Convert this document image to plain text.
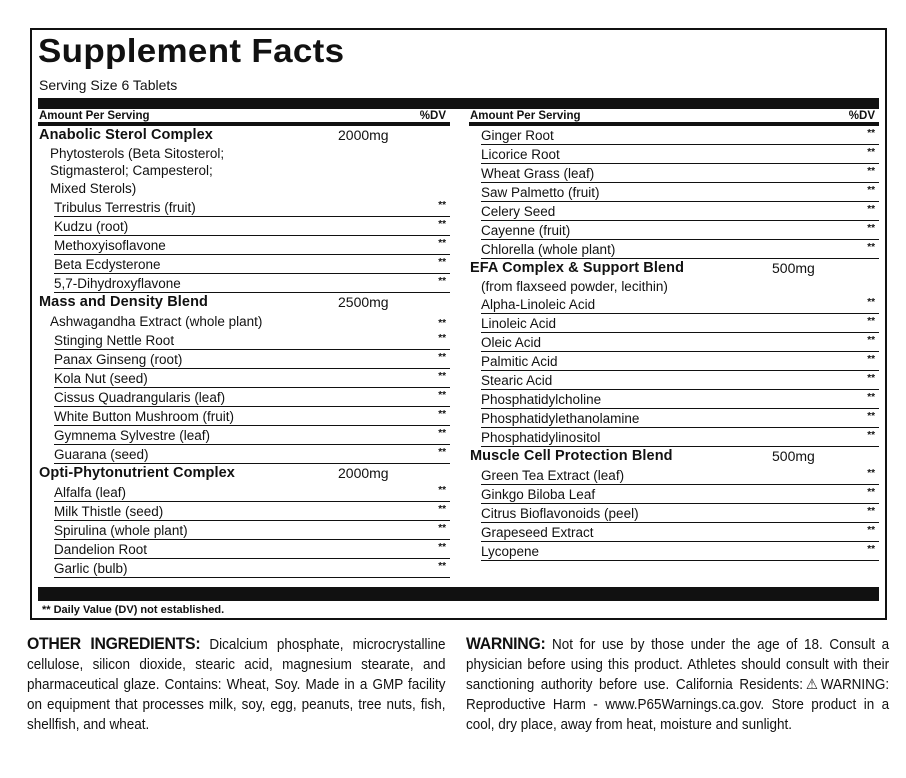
Supplement Facts
Serving Size 6 Tablets
Amount Per Serving	%DV
Anabolic Sterol Complex	2000mg
Phytosterols (Beta Sitosterol;
Stigmasterol; Campesterol;
Mixed Sterols)
Tribulus Terrestris (fruit)	**
Kudzu (root)	**
Methoxyisoflavone	**
Beta Ecdysterone	**
5,7-Dihydroxyflavone	**
Mass and Density Blend	2500mg
Ashwagandha Extract (whole plant)	**
Stinging Nettle Root	**
Panax Ginseng (root)	**
Kola Nut (seed)	**
Cissus Quadrangularis (leaf)	**
White Button Mushroom (fruit)	**
Gymnema Sylvestre (leaf)	**
Guarana (seed)	**
Opti-Phytonutrient Complex	2000mg
Alfalfa (leaf)	**
Milk Thistle (seed)	**
Spirulina (whole plant)	**
Dandelion Root	**
Garlic (bulb)	**
Amount Per Serving	%DV
Ginger Root	**
Licorice Root	**
Wheat Grass (leaf)	**
Saw Palmetto (fruit)	**
Celery Seed	**
Cayenne (fruit)	**
Chlorella (whole plant)	**
EFA Complex & Support Blend	500mg
(from flaxseed powder, lecithin)
Alpha-Linoleic Acid	**
Linoleic Acid	**
Oleic Acid	**
Palmitic Acid	**
Stearic Acid	**
Phosphatidylcholine	**
Phosphatidylethanolamine	**
Phosphatidylinositol	**
Muscle Cell Protection Blend	500mg
Green Tea Extract (leaf)	**
Ginkgo Biloba Leaf	**
Citrus Bioflavonoids (peel)	**
Grapeseed Extract	**
Lycopene	**
** Daily Value (DV) not established.

OTHER INGREDIENTS: Dicalcium phosphate, microcrystalline cellulose, silicon dioxide, stearic acid, magnesium stearate, and pharmaceutical glaze. Contains: Wheat, Soy. Made in a GMP facility on equipment that processes milk, soy, egg, peanuts, tree nuts, fish, shellfish, and wheat.

WARNING: Not for use by those under the age of 18. Consult a physician before using this product. Athletes should consult with their sanctioning authority before use. California Residents:⚠WARNING: Reproductive Harm - www.P65Warnings.ca.gov. Store product in a cool, dry place, away from heat, moisture and sunlight.
